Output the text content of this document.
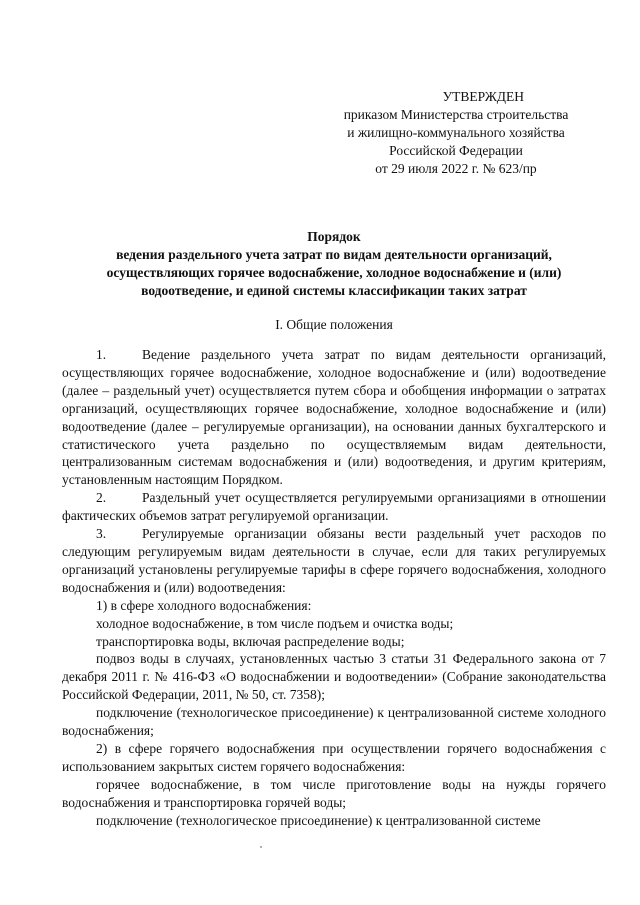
УТВЕРЖДЕН
приказом Министерства строительства
и жилищно-коммунального хозяйства
Российской Федерации
от 29 июля 2022 г. № 623/пр
Порядок
ведения раздельного учета затрат по видам деятельности организаций, осуществляющих горячее водоснабжение, холодное водоснабжение и (или) водоотведение, и единой системы классификации таких затрат
I. Общие положения

1.	Ведение раздельного учета затрат по видам деятельности организаций, осуществляющих горячее водоснабжение, холодное водоснабжение и (или) водоотведение (далее – раздельный учет) осуществляется путем сбора и обобщения информации о затратах организаций, осуществляющих горячее водоснабжение, холодное водоснабжение и (или) водоотведение (далее – регулируемые организации), на основании данных бухгалтерского и статистического учета раздельно по осуществляемым видам деятельности, централизованным системам водоснабжения и (или) водоотведения, и другим критериям, установленным настоящим Порядком.

2.	Раздельный учет осуществляется регулируемыми организациями в отношении фактических объемов затрат регулируемой организации.

3.	Регулируемые организации обязаны вести раздельный учет расходов по следующим регулируемым видам деятельности в случае, если для таких регулируемых организаций установлены регулируемые тарифы в сфере горячего водоснабжения, холодного водоснабжения и (или) водоотведения:

1) в сфере холодного водоснабжения:

холодное водоснабжение, в том числе подъем и очистка воды;

транспортировка воды, включая распределение воды;

подвоз воды в случаях, установленных частью 3 статьи 31 Федерального закона от 7 декабря 2011 г. № 416-ФЗ «О водоснабжении и водоотведении» (Собрание законодательства Российской Федерации, 2011, № 50, ст. 7358);

подключение (технологическое присоединение) к централизованной системе холодного водоснабжения;

2) в сфере горячего водоснабжения при осуществлении горячего водоснабжения с использованием закрытых систем горячего водоснабжения:

горячее водоснабжение, в том числе приготовление воды на нужды горячего водоснабжения и транспортировка горячей воды;

подключение (технологическое присоединение) к централизованной системе
